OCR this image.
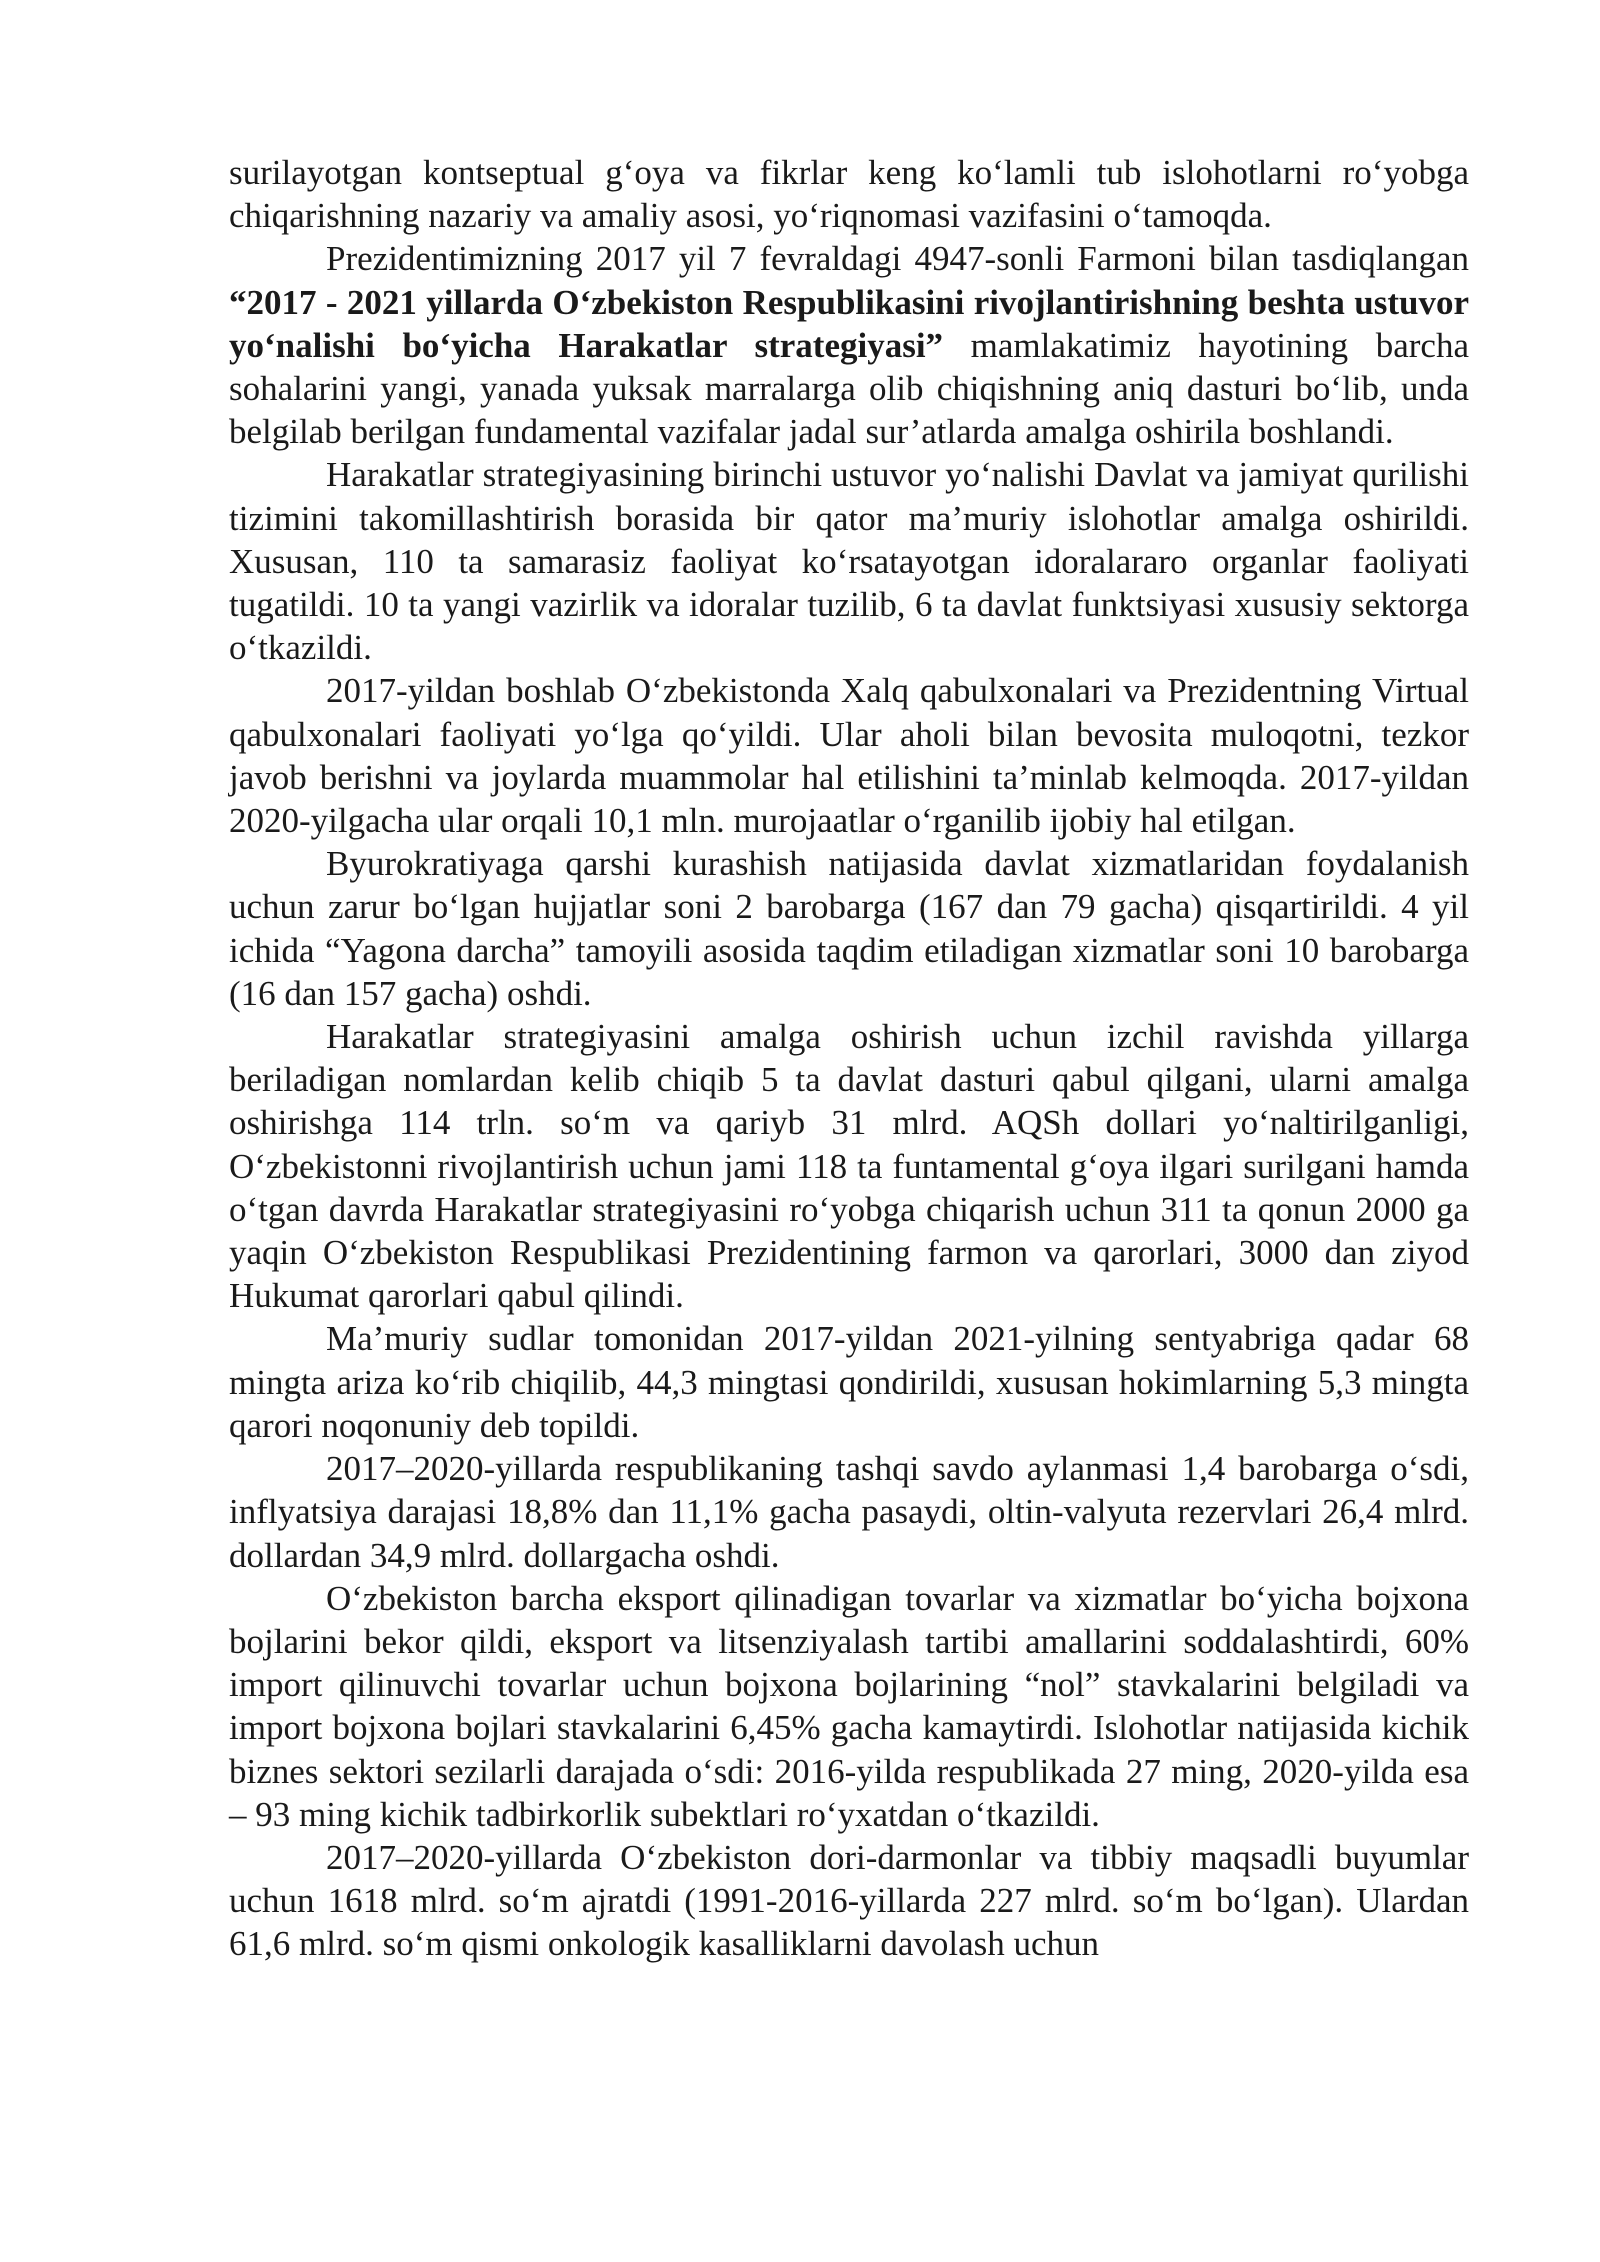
surilayotgan kontseptual g‘oya va fikrlar keng ko‘lamli tub islohotlarni ro‘yobga chiqarishning nazariy va amaliy asosi, yo‘riqnomasi vazifasini o‘tamoqda.

Prezidentimizning 2017 yil 7 fevraldagi 4947-sonli Farmoni bilan tasdiqlangan “2017 - 2021 yillarda O‘zbekiston Respublikasini rivojlantirishning beshta ustuvor yo‘nalishi bo‘yicha Harakatlar strategiyasi” mamlakatimiz hayotining barcha sohalarini yangi, yanada yuksak marralarga olib chiqishning aniq dasturi bo‘lib, unda belgilab berilgan fundamental vazifalar jadal sur’atlarda amalga oshirila boshlandi.

Harakatlar strategiyasining birinchi ustuvor yo‘nalishi Davlat va jamiyat qurilishi tizimini takomillashtirish borasida bir qator ma’muriy islohotlar amalga oshirildi. Xususan, 110 ta samarasiz faoliyat ko‘rsatayotgan idoralararo organlar faoliyati tugatildi. 10 ta yangi vazirlik va idoralar tuzilib, 6 ta davlat funktsiyasi xususiy sektorga o‘tkazildi.

2017-yildan boshlab O‘zbekistonda Xalq qabulxonalari va Prezidentning Virtual qabulxonalari faoliyati yo‘lga qo‘yildi. Ular aholi bilan bevosita muloqotni, tezkor javob berishni va joylarda muammolar hal etilishini ta’minlab kelmoqda. 2017-yildan 2020-yilgacha ular orqali 10,1 mln. murojaatlar o‘rganilib ijobiy hal etilgan.

Byurokratiyaga qarshi kurashish natijasida davlat xizmatlaridan foydalanish uchun zarur bo‘lgan hujjatlar soni 2 barobarga (167 dan 79 gacha) qisqartirildi. 4 yil ichida “Yagona darcha” tamoyili asosida taqdim etiladigan xizmatlar soni 10 barobarga (16 dan 157 gacha) oshdi.

Harakatlar strategiyasini amalga oshirish uchun izchil ravishda yillarga beriladigan nomlardan kelib chiqib 5 ta davlat dasturi qabul qilgani, ularni amalga oshirishga 114 trln. so‘m va qariyb 31 mlrd. AQSh dollari yo‘naltirilganligi, O‘zbekistonni rivojlantirish uchun jami 118 ta funtamental g‘oya ilgari surilgani hamda o‘tgan davrda Harakatlar strategiyasini ro‘yobga chiqarish uchun 311 ta qonun 2000 ga yaqin O‘zbekiston Respublikasi Prezidentining farmon va qarorlari, 3000 dan ziyod Hukumat qarorlari qabul qilindi.

Ma’muriy sudlar tomonidan 2017-yildan 2021-yilning sentyabriga qadar 68 mingta ariza ko‘rib chiqilib, 44,3 mingtasi qondirildi, xususan hokimlarning 5,3 mingta qarori noqonuniy deb topildi.

2017–2020-yillarda respublikaning tashqi savdo aylanmasi 1,4 barobarga o‘sdi, inflyatsiya darajasi 18,8% dan 11,1% gacha pasaydi, oltin-valyuta rezervlari 26,4 mlrd. dollardan 34,9 mlrd. dollargacha oshdi.

O‘zbekiston barcha eksport qilinadigan tovarlar va xizmatlar bo‘yicha bojxona bojlarini bekor qildi, eksport va litsenziyalash tartibi amallarini soddalashtirdi, 60% import qilinuvchi tovarlar uchun bojxona bojlarining “nol” stavkalarini belgiladi va import bojxona bojlari stavkalarini 6,45% gacha kamaytirdi. Islohotlar natijasida kichik biznes sektori sezilarli darajada o‘sdi: 2016-yilda respublikada 27 ming, 2020-yilda esa – 93 ming kichik tadbirkorlik subektlari ro‘yxatdan o‘tkazildi.

2017–2020-yillarda O‘zbekiston dori-darmonlar va tibbiy maqsadli buyumlar uchun 1618 mlrd. so‘m ajratdi (1991-2016-yillarda 227 mlrd. so‘m bo‘lgan). Ulardan 61,6 mlrd. so‘m qismi onkologik kasalliklarni davolash uchun
